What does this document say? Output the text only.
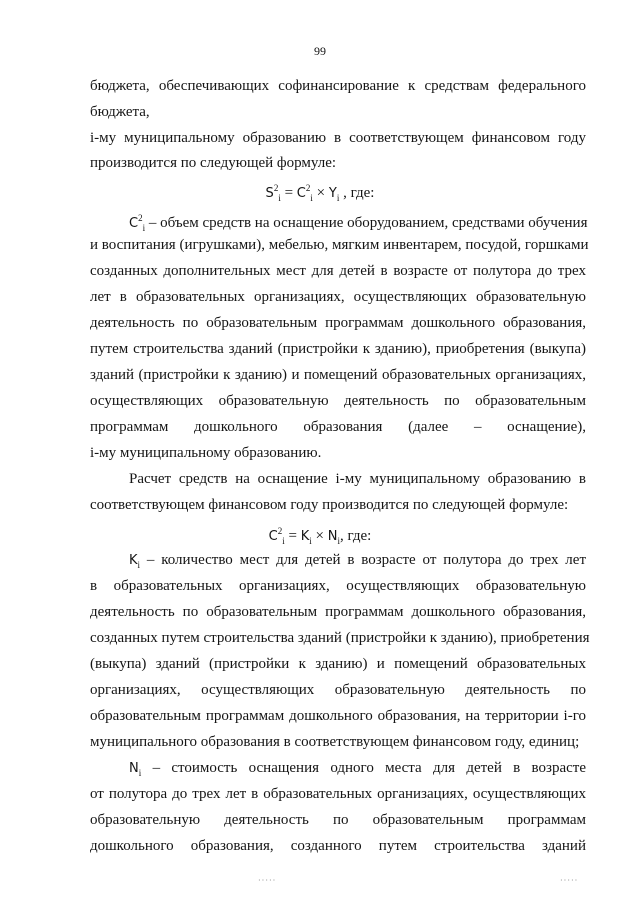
99
бюджета, обеспечивающих софинансирование к средствам федерального
бюджета,
i-му муниципальному образованию в соответствующем финансовом году
производится по следующей формуле:
$S^2_i = C^2_i \times Y_i$ , где:
$C^2_i$ – объем средств на оснащение оборудованием, средствами обучения
и воспитания (игрушками), мебелью, мягким инвентарем, посудой, горшками
созданных дополнительных мест для детей в возрасте от полутора до трех
лет в образовательных организациях, осуществляющих образовательную
деятельность по образовательным программам дошкольного образования,
путем строительства зданий (пристройки к зданию), приобретения (выкупа)
зданий (пристройки к зданию) и помещений образовательных организациях,
осуществляющих образовательную деятельность по образовательным
программам дошкольного образования (далее – оснащение),
i-му муниципальному образованию.
Расчет средств на оснащение i-му муниципальному образованию в
соответствующем финансовом году производится по следующей формуле:
$C^2_i = K_i \times N_i$, где:
$K_i$ – количество мест для детей в возрасте от полутора до трех лет
в образовательных организациях, осуществляющих образовательную
деятельность по образовательным программам дошкольного образования,
созданных путем строительства зданий (пристройки к зданию), приобретения
(выкупа) зданий (пристройки к зданию) и помещений образовательных
организациях, осуществляющих образовательную деятельность по
образовательным программам дошкольного образования, на территории i-го
муниципального образования в соответствующем финансовом году, единиц;
$N_i$ – стоимость оснащения одного места для детей в возрасте
от полутора до трех лет в образовательных организациях, осуществляющих
образовательную деятельность по образовательным программам
дошкольного образования, созданного путем строительства зданий
·····	·····
